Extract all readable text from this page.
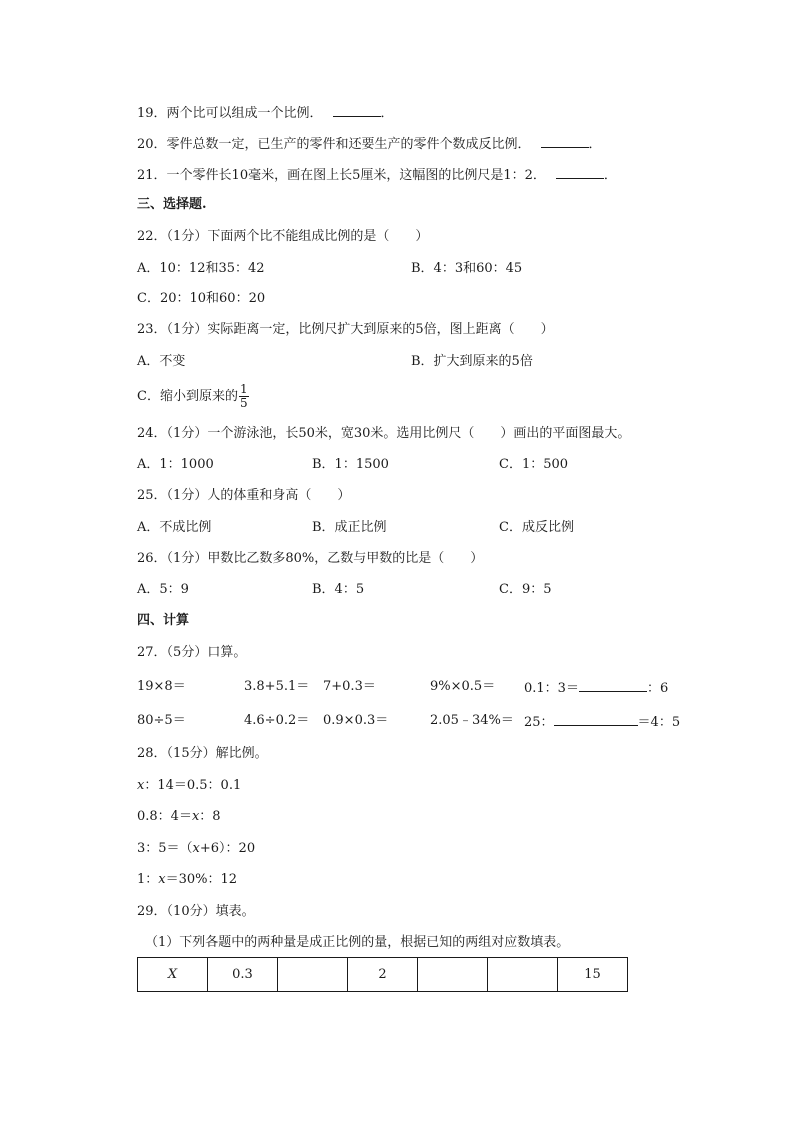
19．两个比可以组成一个比例．	．
20．零件总数一定，已生产的零件和还要生产的零件个数成反比例．	．
21．一个零件长10毫米，画在图上长5厘米，这幅图的比例尺是1：2．	．
三、选择题.
22．（1分）下面两个比不能组成比例的是（　　）
A．10：12和35：42	B．4：3和60：45
C．20：10和60：20
23．（1分）实际距离一定，比例尺扩大到原来的5倍，图上距离（　　）
A．不变	B．扩大到原来的5倍
C．缩小到原来的 $\frac{1}{5}$
24．（1分）一个游泳池，长50米，宽30米。选用比例尺（　　）画出的平面图最大。
A．1：1000	B．1：1500	C．1：500
25．（1分）人的体重和身高（　　）
A．不成比例	B．成正比例	C．成反比例
26．（1分）甲数比乙数多80%，乙数与甲数的比是（　　）
A．5：9	B．4：5	C．9：5
四、计算
27．（5分）口算。
19×8＝	3.8+5.1＝ 7+0.3＝	9%×0.5＝ 0.1：3＝	：6
80÷5＝	4.6÷0.2＝ 0.9×0.3＝	2.05﹣34%＝ 25：	＝4：5
28．（15分）解比例。
x：14＝0.5：0.1
0.8：4＝x：8
3：5＝（x+6）：20
1：x＝30%：12
29．（10分）填表。
（1）下列各题中的两种量是成正比例的量，根据已知的两组对应数填表。
X	0.3		2			15
